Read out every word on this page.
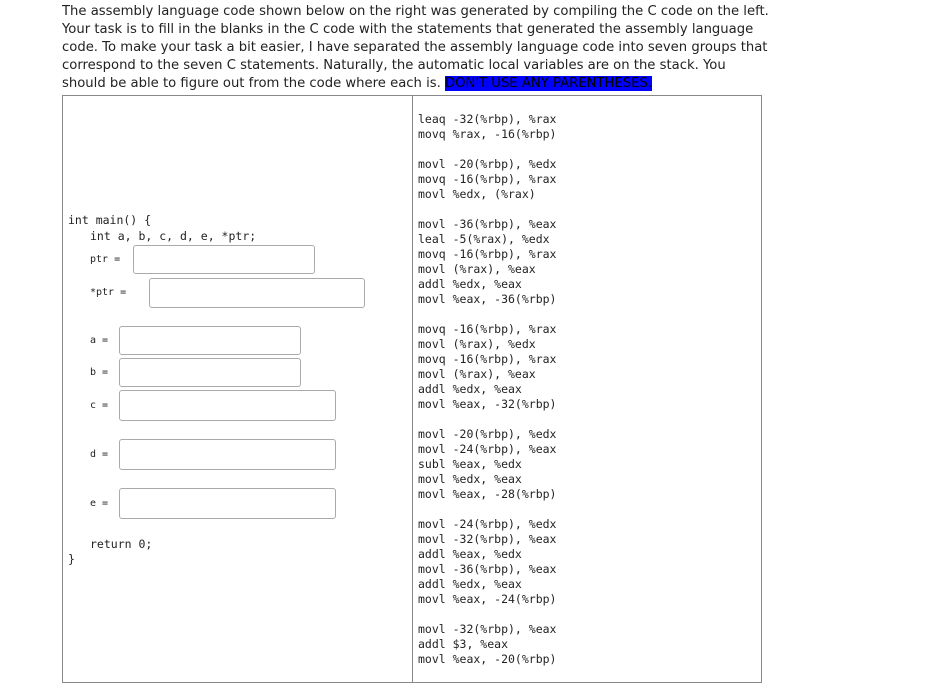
The assembly language code shown below on the right was generated by compiling the C code on the left. Your task is to fill in the blanks in the C code with the statements that generated the assembly language code. To make your task a bit easier, I have separated the assembly language code into seven groups that correspond to the seven C statements. Naturally, the automatic local variables are on the stack. You should be able to figure out from the code where each is. DON'T USE ANY PARENTHESES.
int main() {
int a, b, c, d, e, *ptr;
ptr =
*ptr =
a =
b =
c =
d =
e =
return 0;
}
leaq -32(%rbp), %rax
movq %rax, -16(%rbp)
movl -20(%rbp), %edx
movq -16(%rbp), %rax
movl %edx, (%rax)
movl -36(%rbp), %eax
leal -5(%rax), %edx
movq -16(%rbp), %rax
movl (%rax), %eax
addl %edx, %eax
movl %eax, -36(%rbp)
movq -16(%rbp), %rax
movl (%rax), %edx
movq -16(%rbp), %rax
movl (%rax), %eax
addl %edx, %eax
movl %eax, -32(%rbp)
movl -20(%rbp), %edx
movl -24(%rbp), %eax
subl %eax, %edx
movl %edx, %eax
movl %eax, -28(%rbp)
movl -24(%rbp), %edx
movl -32(%rbp), %eax
addl %eax, %edx
movl -36(%rbp), %eax
addl %edx, %eax
movl %eax, -24(%rbp)
movl -32(%rbp), %eax
addl $3, %eax
movl %eax, -20(%rbp)
